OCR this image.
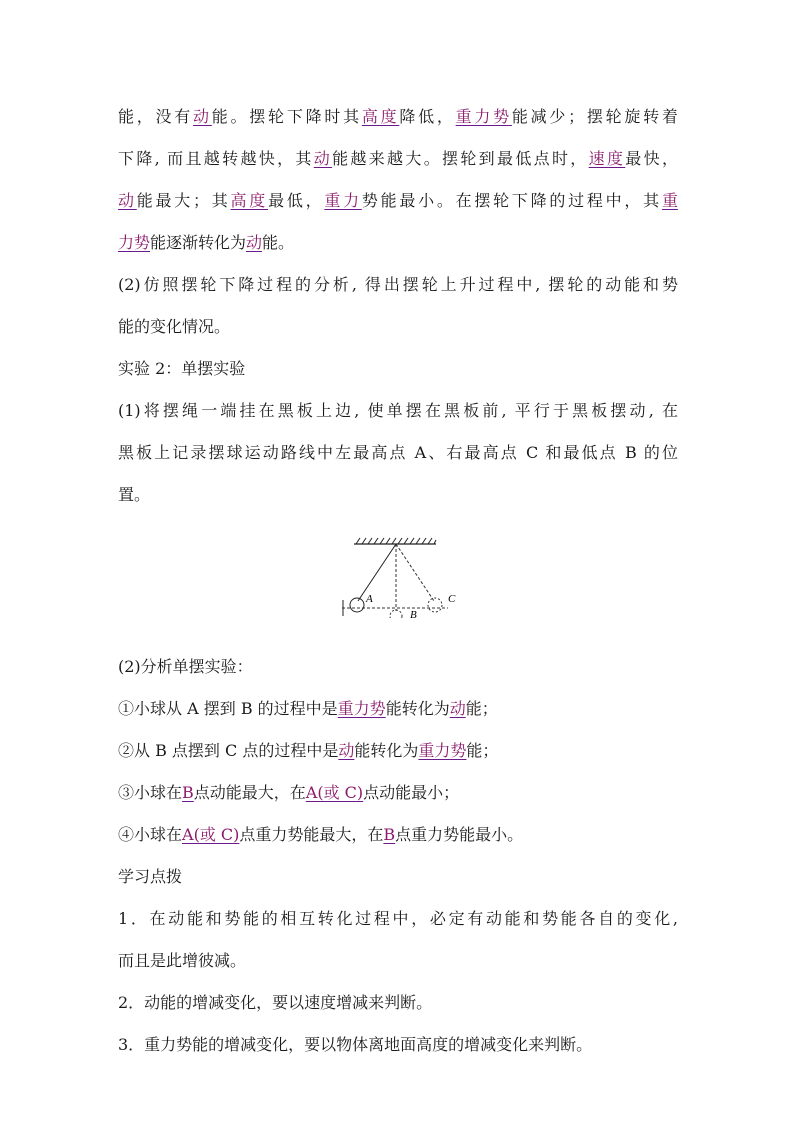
能，没有动能。摆轮下降时其高度降低，重力势能减少；摆轮旋转着
下降, 而且越转越快，其动能越来越大。摆轮到最低点时，速度最快，
动能最大；其高度最低，重力势能最小。在摆轮下降的过程中，其重
力势能逐渐转化为动能。
(2)仿照摆轮下降过程的分析, 得出摆轮上升过程中, 摆轮的动能和势
能的变化情况。
实验 2：单摆实验
(1)将摆绳一端挂在黑板上边, 使单摆在黑板前, 平行于黑板摆动, 在
黑板上记录摆球运动路线中左最高点 A、右最高点 C 和最低点 B 的位
置。
A
B
C
(2)分析单摆实验：
①小球从 A 摆到 B 的过程中是重力势能转化为动能；
②从 B 点摆到 C 点的过程中是动能转化为重力势能；
③小球在B点动能最大，在A(或 C)点动能最小；
④小球在A(或 C)点重力势能最大，在B点重力势能最小。
学习点拨
1．在动能和势能的相互转化过程中，必定有动能和势能各自的变化,
而且是此增彼减。
2．动能的增减变化，要以速度增减来判断。
3．重力势能的增减变化，要以物体离地面高度的增减变化来判断。
